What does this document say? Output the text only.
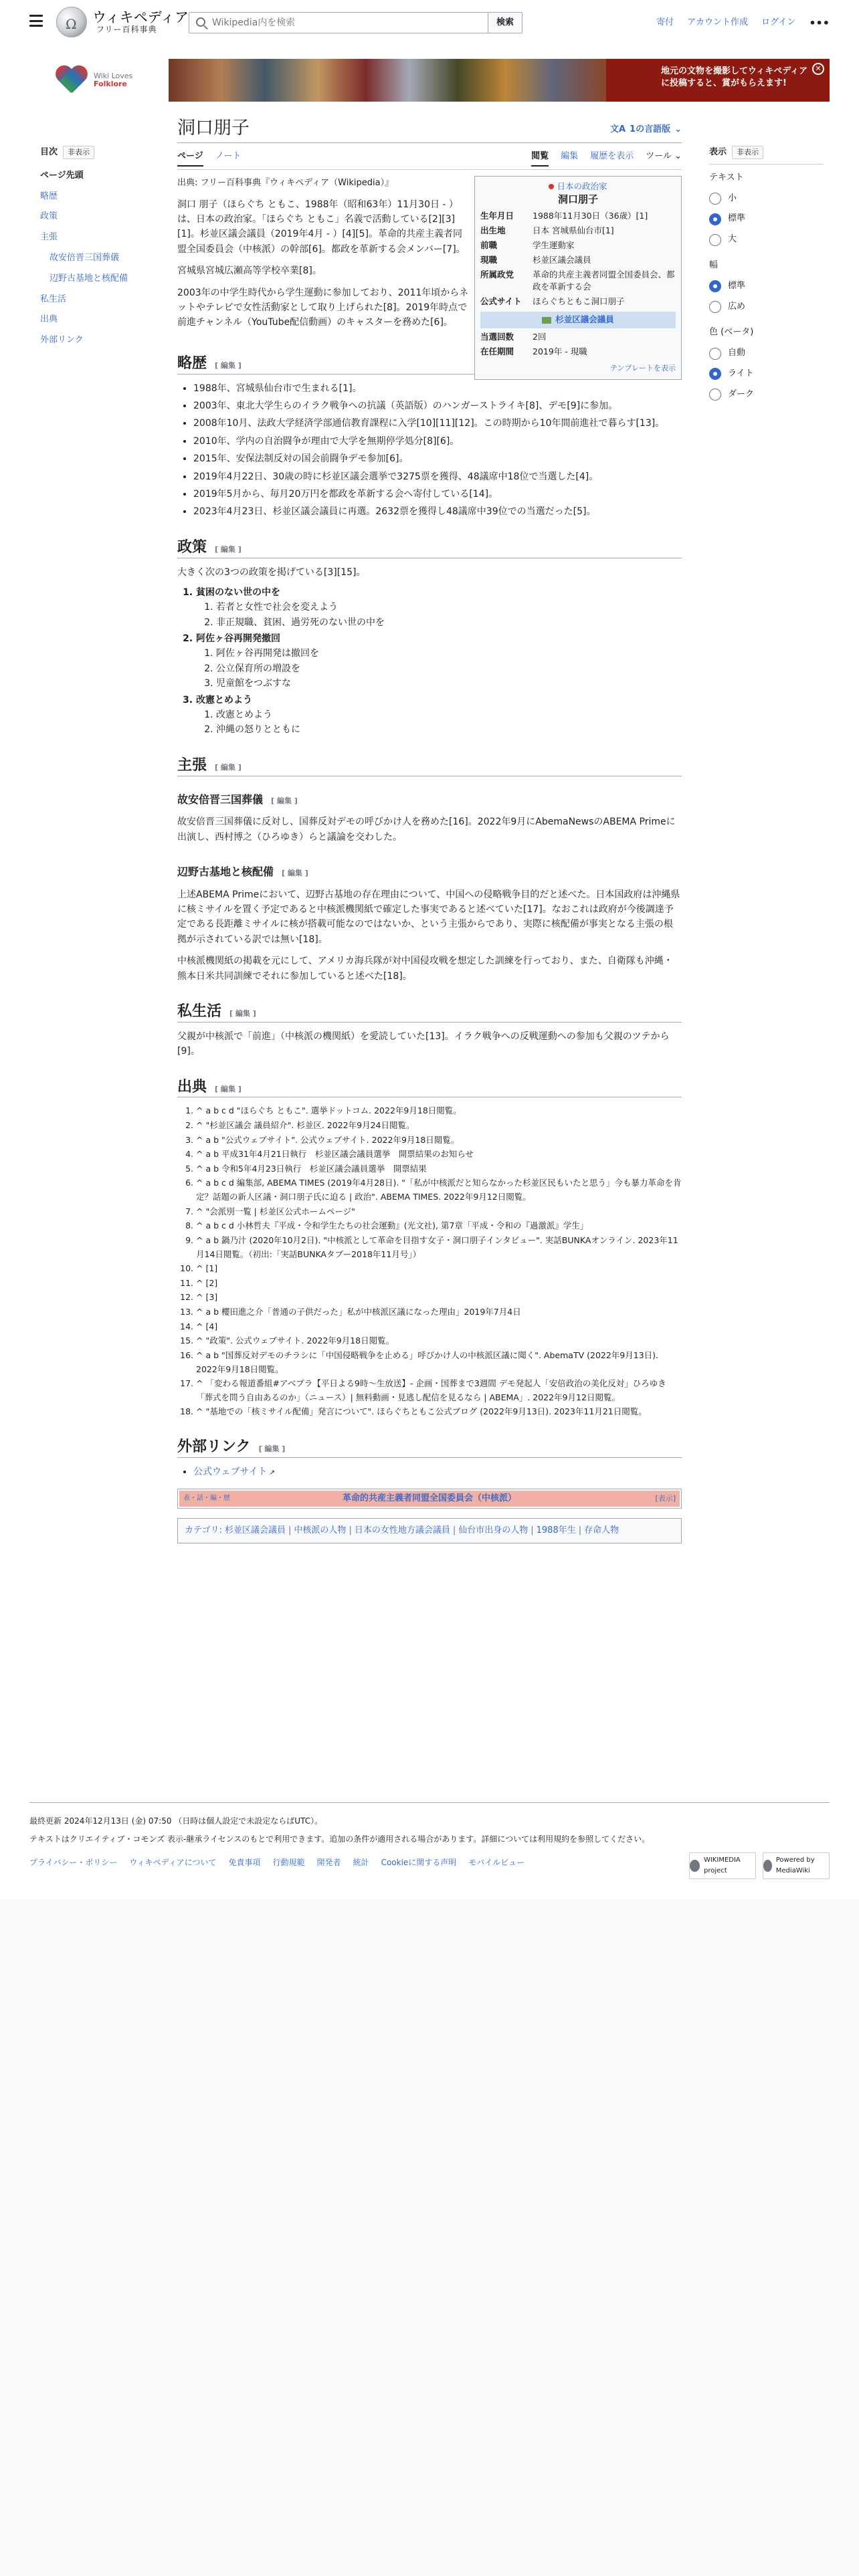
Ω
ウィキペディア
フリー百科事典
Wikipedia内を検索	検索	寄付 アカウント作成 ログイン •••
Wiki Loves
Folklore
地元の文物を撮影してウィキペディア
に投稿すると、賞がもらえます!
✕
目次	非表示
ページ先頭
略歴
政策
主張
故安倍晋三国葬儀
辺野古基地と核配備
私生活
出典
外部リンク
洞口朋子	文A 1の言語版 ⌄
ページ ノート	閲覧 編集 履歴を表示 ツール ⌄
出典: フリー百科事典『ウィキペディア（Wikipedia）』

洞口 朋子（ほらぐち ともこ、1988年（昭和63年）11月30日 - ）は、日本の政治家。「ほらぐち ともこ」名義で活動している[2][3][1]。杉並区議会議員（2019年4月 - ）[4][5]。革命的共産主義者同盟全国委員会（中核派）の幹部[6]。都政を革新する会メンバー[7]。

宮城県宮城広瀬高等学校卒業[8]。

2003年の中学生時代から学生運動に参加しており、2011年頃からネットやテレビで女性活動家として取り上げられた[8]。2019年時点で前進チャンネル（YouTube配信動画）のキャスターを務めた[6]。

日本の政治家
洞口朋子
生年月日	1988年11月30日（36歳）[1]
出生地	日本 宮城県仙台市[1]
前職	学生運動家
現職	杉並区議会議員
所属政党	革命的共産主義者同盟全国委員会、都政を革新する会
公式サイト	ほらぐちともこ洞口朋子
杉並区議会議員
当選回数	2回
在任期間	2019年 - 現職
テンプレートを表示
略歴 [ 編集 ]
• 1988年、宮城県仙台市で生まれる[1]。
• 2003年、東北大学生らのイラク戦争への抗議（英語版）のハンガーストライキ[8]、デモ[9]に参加。
• 2008年10月、法政大学経済学部通信教育課程に入学[10][11][12]。この時期から10年間前進社で暮らす[13]。
• 2010年、学内の自治闘争が理由で大学を無期停学処分[8][6]。
• 2015年、安保法制反対の国会前闘争デモ参加[6]。
• 2019年4月22日、30歳の時に杉並区議会選挙で3275票を獲得、48議席中18位で当選した[4]。
• 2019年5月から、毎月20万円を都政を革新する会へ寄付している[14]。
• 2023年4月23日、杉並区議会議員に再選。2632票を獲得し48議席中39位での当選だった[5]。
政策 [ 編集 ]

大きく次の3つの政策を掲げている[3][15]。

1. 貧困のない世の中を
1. 若者と女性で社会を変えよう
2. 非正規職、貧困、過労死のない世の中を
2. 阿佐ヶ谷再開発撤回
1. 阿佐ヶ谷再開発は撤回を
2. 公立保育所の増設を
3. 児童館をつぶすな
3. 改憲とめよう
1. 改憲とめよう
2. 沖縄の怒りとともに
主張 [ 編集 ]
故安倍晋三国葬儀 [ 編集 ]

故安倍晋三国葬儀に反対し、国葬反対デモの呼びかけ人を務めた[16]。2022年9月にAbemaNewsのABEMA Primeに出演し、西村博之（ひろゆき）らと議論を交わした。

辺野古基地と核配備 [ 編集 ]

上述ABEMA Primeにおいて、辺野古基地の存在理由について、中国への侵略戦争目的だと述べた。日本国政府は沖縄県に核ミサイルを置く予定であると中核派機関紙で確定した事実であると述べていた[17]。なおこれは政府が今後調達予定である長距離ミサイルに核が搭載可能なのではないか、という主張からであり、実際に核配備が事実となる主張の根拠が示されている訳では無い[18]。

中核派機関紙の掲載を元にして、アメリカ海兵隊が対中国侵攻戦を想定した訓練を行っており、また、自衛隊も沖縄・熊本日米共同訓練でそれに参加していると述べた[18]。

私生活 [ 編集 ]

父親が中核派で「前進」（中核派の機関紙）を愛読していた[13]。イラク戦争への反戦運動への参加も父親のツテから[9]。

出典 [ 編集 ]
1. ^ a b c d "ほらぐち ともこ". 選挙ドットコム. 2022年9月18日閲覧。
2. ^ "杉並区議会 議員紹介". 杉並区. 2022年9月24日閲覧。
3. ^ a b "公式ウェブサイト". 公式ウェブサイト. 2022年9月18日閲覧。
4. ^ a b 平成31年4月21日執行　杉並区議会議員選挙　開票結果のお知らせ
5. ^ a b 令和5年4月23日執行　杉並区議会議員選挙　開票結果
6. ^ a b c d 編集部, ABEMA TIMES (2019年4月28日). "「私が中核派だと知らなかった杉並区民もいたと思う」今も暴力革命を肯定？話題の新人区議・洞口朋子氏に迫る | 政治". ABEMA TIMES. 2022年9月12日閲覧。
7. ^ "会派別一覧 | 杉並区公式ホームページ"
8. ^ a b c d 小林哲夫『平成・令和学生たちの社会運動』(光文社), 第7章「平成・令和の『過激派』学生」
9. ^ a b 鍋乃汁 (2020年10月2日). "中核派として革命を目指す女子・洞口朋子インタビュー". 実話BUNKAオンライン. 2023年11月14日閲覧。（初出:「実話BUNKAタブー2018年11月号」）
10. ^ [1]
11. ^ [2]
12. ^ [3]
13. ^ a b 櫻田進之介「普通の子供だった」私が中核派区議になった理由」2019年7月4日
14. ^ [4]
15. ^ "政策". 公式ウェブサイト. 2022年9月18日閲覧。
16. ^ a b "国葬反対デモのチラシに「中国侵略戦争を止める」呼びかけ人の中核派区議に聞く". AbemaTV (2022年9月13日). 2022年9月18日閲覧。
17. ^ 「変わる報道番組#アベプラ【平日よる9時～生放送】- 企画・国葬まで3週間 デモ発起人「安倍政治の美化反対」ひろゆき「葬式を問う自由あるのか」（ニュース）| 無料動画・見逃し配信を見るなら | ABEMA」. 2022年9月12日閲覧。
18. ^ "基地での「核ミサイル配備」発言について". ほらぐちともこ公式ブログ (2022年9月13日). 2023年11月21日閲覧。
外部リンク [ 編集 ]
• 公式ウェブサイト ↗
表・話・編・歴	革命的共産主義者同盟全国委員会（中核派）	[表示]
カテゴリ: 杉並区議会議員 | 中核派の人物 | 日本の女性地方議会議員 | 仙台市出身の人物 | 1988年生 | 存命人物
表示	非表示
テキスト
小
標準
大
幅
標準
広め
色 (ベータ)
自動
ライト
ダーク

最終更新 2024年12月13日 (金) 07:50 （日時は個人設定で未設定ならばUTC）。

テキストはクリエイティブ・コモンズ 表示-継承ライセンスのもとで利用できます。追加の条件が適用される場合があります。詳細については利用規約を参照してください。

プライバシー・ポリシー ウィキペディアについて 免責事項 行動規範 開発者 統計 Cookieに関する声明 モバイルビュー	WIKIMEDIA project
Powered by MediaWiki
